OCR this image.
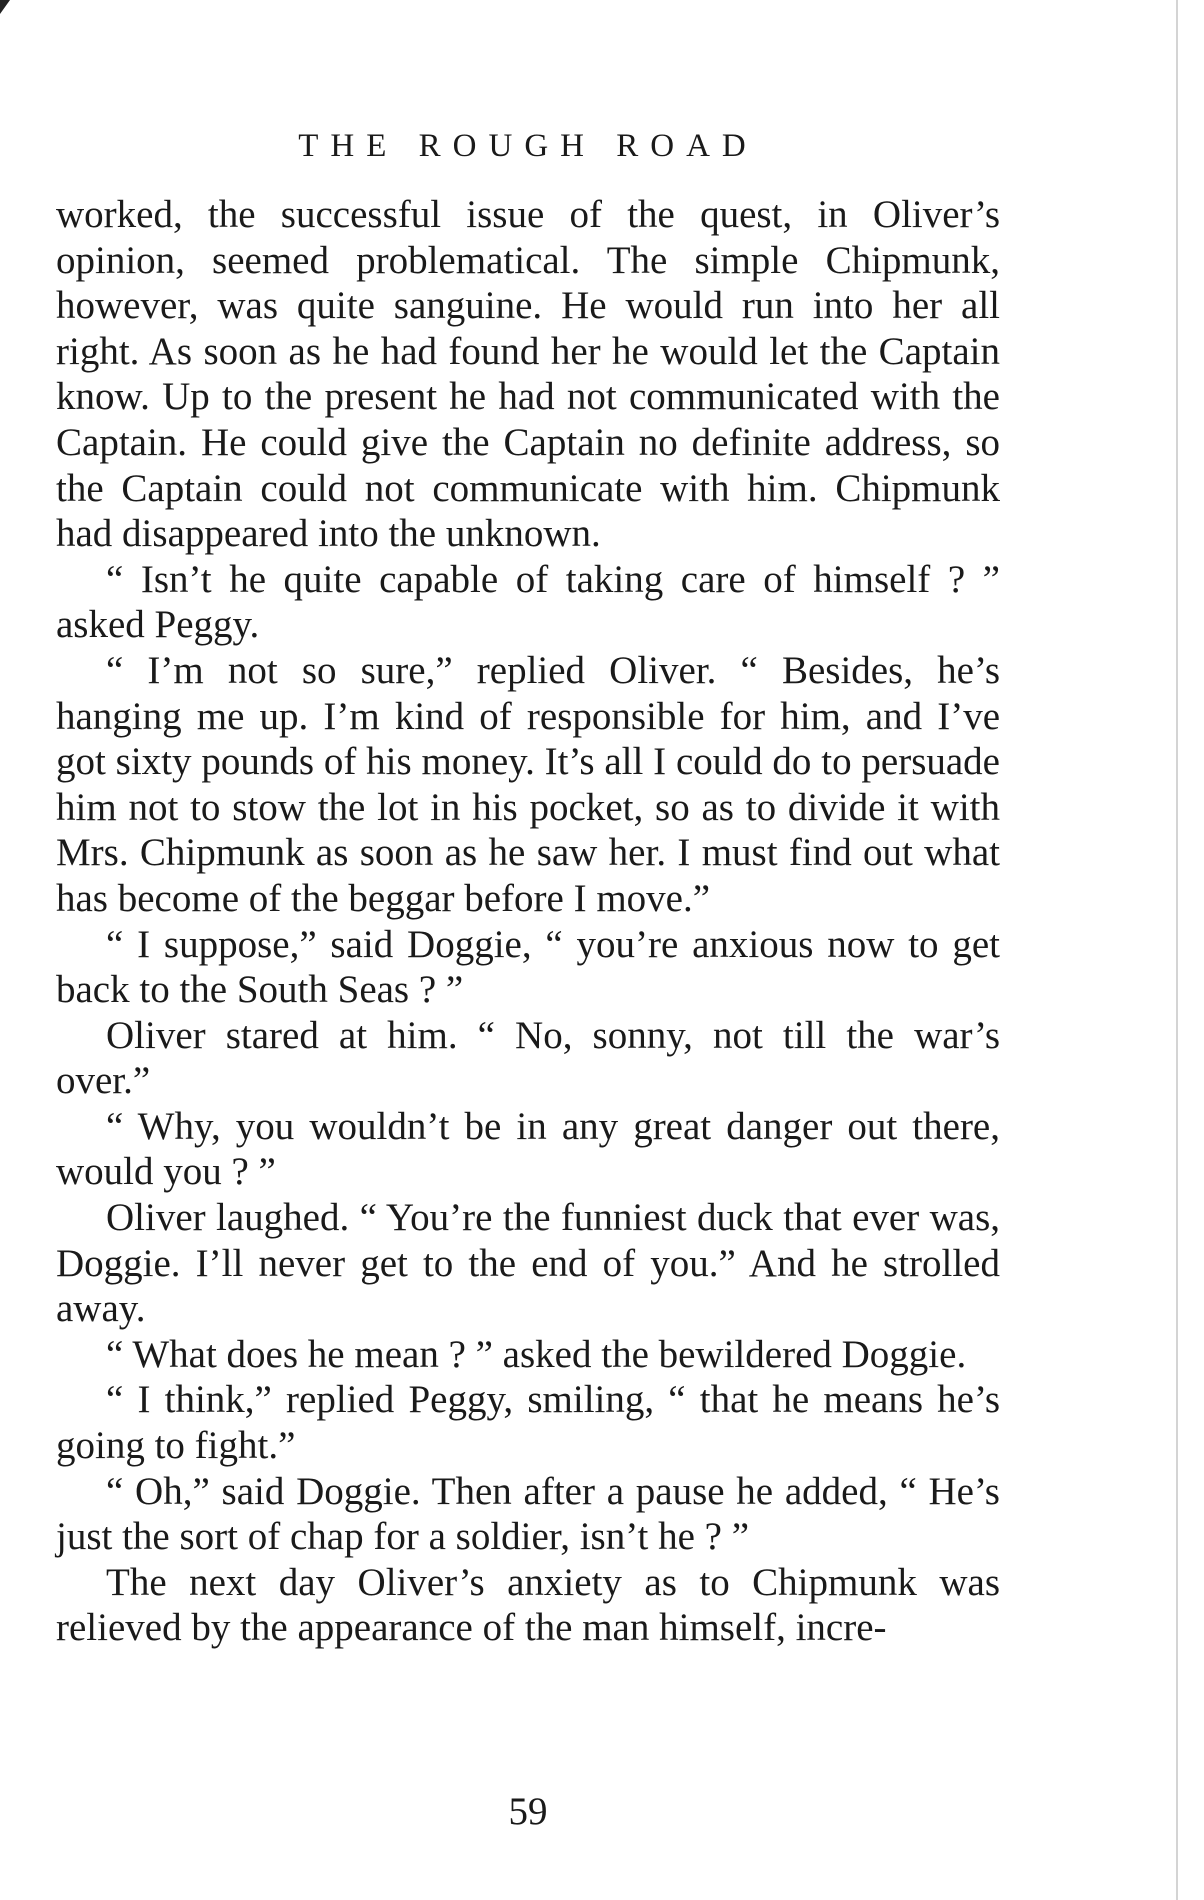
THE ROUGH ROAD

worked, the successful issue of the quest, in Oliver’s opinion, seemed problematical. The simple Chipmunk, however, was quite sanguine. He would run into her all right. As soon as he had found her he would let the Captain know. Up to the present he had not communicated with the Captain. He could give the Captain no definite address, so the Captain could not communicate with him. Chipmunk had disappeared into the unknown.

“ Isn’t he quite capable of taking care of himself ? ” asked Peggy.

“ I’m not so sure,” replied Oliver. “ Besides, he’s hanging me up. I’m kind of responsible for him, and I’ve got sixty pounds of his money. It’s all I could do to persuade him not to stow the lot in his pocket, so as to divide it with Mrs. Chipmunk as soon as he saw her. I must find out what has become of the beggar before I move.”

“ I suppose,” said Doggie, “ you’re anxious now to get back to the South Seas ? ”

Oliver stared at him. “ No, sonny, not till the war’s over.”

“ Why, you wouldn’t be in any great danger out there, would you ? ”

Oliver laughed. “ You’re the funniest duck that ever was, Doggie. I’ll never get to the end of you.” And he strolled away.

“ What does he mean ? ” asked the bewildered Doggie.

“ I think,” replied Peggy, smiling, “ that he means he’s going to fight.”

“ Oh,” said Doggie. Then after a pause he added, “ He’s just the sort of chap for a soldier, isn’t he ? ”

The next day Oliver’s anxiety as to Chipmunk was relieved by the appearance of the man himself, incre-

59
